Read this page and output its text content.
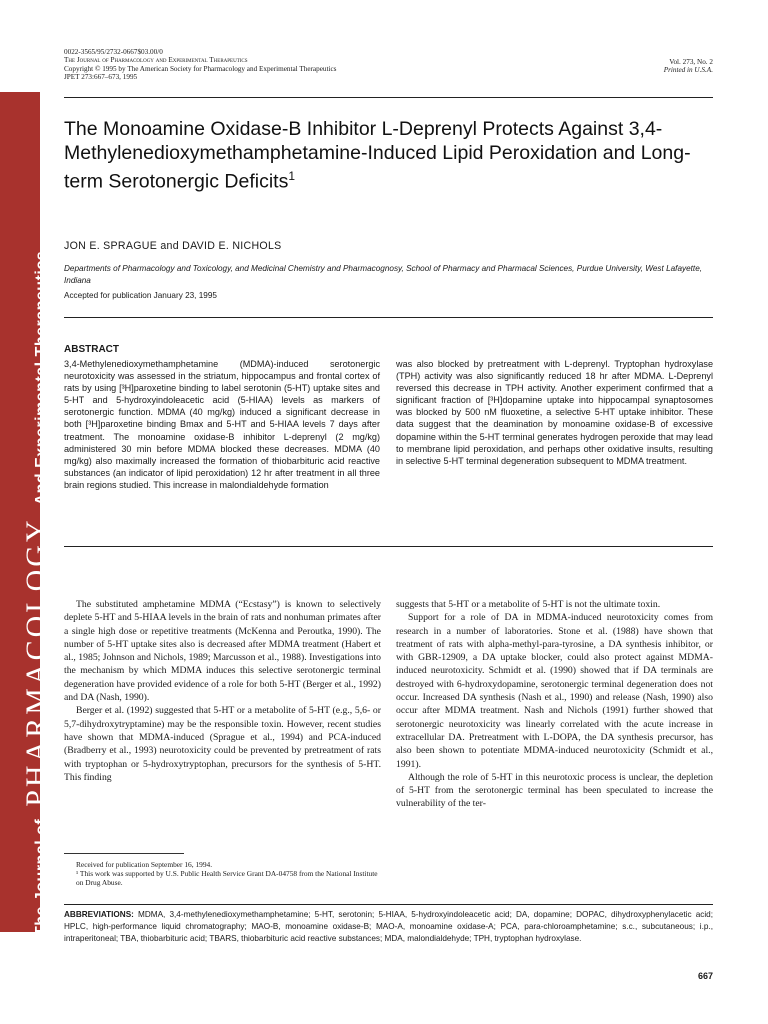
The Journal of PHARMACOLOGY And Experimental Therapeutics
0022-3565/95/2732-0667$03.00/0
The Journal of Pharmacology and Experimental Therapeutics
Copyright © 1995 by The American Society for Pharmacology and Experimental Therapeutics
JPET 273:667–673, 1995
Vol. 273, No. 2
Printed in U.S.A.
The Monoamine Oxidase-B Inhibitor L-Deprenyl Protects Against 3,4-Methylenedioxymethamphetamine-Induced Lipid Peroxidation and Long-term Serotonergic Deficits$^1$
JON E. SPRAGUE and DAVID E. NICHOLS
Departments of Pharmacology and Toxicology, and Medicinal Chemistry and Pharmacognosy, School of Pharmacy and Pharmacal Sciences, Purdue University, West Lafayette, Indiana
Accepted for publication January 23, 1995
ABSTRACT
3,4-Methylenedioxymethamphetamine (MDMA)-induced serotonergic neurotoxicity was assessed in the striatum, hippocampus and frontal cortex of rats by using [³H]paroxetine binding to label serotonin (5-HT) uptake sites and 5-HT and 5-hydroxyindoleacetic acid (5-HIAA) levels as markers of serotonergic function. MDMA (40 mg/kg) induced a significant decrease in both [³H]paroxetine binding Bmax and 5-HT and 5-HIAA levels 7 days after treatment. The monoamine oxidase-B inhibitor L-deprenyl (2 mg/kg) administered 30 min before MDMA blocked these decreases. MDMA (40 mg/kg) also maximally increased the formation of thiobarbituric acid reactive substances (an indicator of lipid peroxidation) 12 hr after treatment in all three brain regions studied. This increase in malondialdehyde formation
was also blocked by pretreatment with L-deprenyl. Tryptophan hydroxylase (TPH) activity was also significantly reduced 18 hr after MDMA. L-Deprenyl reversed this decrease in TPH activity. Another experiment confirmed that a significant fraction of [³H]dopamine uptake into hippocampal synaptosomes was blocked by 500 nM fluoxetine, a selective 5-HT uptake inhibitor. These data suggest that the deamination by monoamine oxidase-B of excessive dopamine within the 5-HT terminal generates hydrogen peroxide that may lead to membrane lipid peroxidation, and perhaps other oxidative insults, resulting in selective 5-HT terminal degeneration subsequent to MDMA treatment.

The substituted amphetamine MDMA (“Ecstasy”) is known to selectively deplete 5-HT and 5-HIAA levels in the brain of rats and nonhuman primates after a single high dose or repetitive treatments (McKenna and Peroutka, 1990). The number of 5-HT uptake sites also is decreased after MDMA treatment (Habert et al., 1985; Johnson and Nichols, 1989; Marcusson et al., 1988). Investigations into the mechanism by which MDMA induces this selective serotonergic terminal degeneration have provided evidence of a role for both 5-HT (Berger et al., 1992) and DA (Nash, 1990).

Berger et al. (1992) suggested that 5-HT or a metabolite of 5-HT (e.g., 5,6- or 5,7-dihydroxytryptamine) may be the responsible toxin. However, recent studies have shown that MDMA-induced (Sprague et al., 1994) and PCA-induced (Bradberry et al., 1993) neurotoxicity could be prevented by pretreatment of rats with tryptophan or 5-hydroxytryptophan, precursors for the synthesis of 5-HT. This finding

suggests that 5-HT or a metabolite of 5-HT is not the ultimate toxin.

Support for a role of DA in MDMA-induced neurotoxicity comes from research in a number of laboratories. Stone et al. (1988) have shown that treatment of rats with alpha-methyl-para-tyrosine, a DA synthesis inhibitor, or with GBR-12909, a DA uptake blocker, could also protect against MDMA-induced neurotoxicity. Schmidt et al. (1990) showed that if DA terminals are destroyed with 6-hydroxydopamine, serotonergic terminal degeneration does not occur. Increased DA synthesis (Nash et al., 1990) and release (Nash, 1990) also occur after MDMA treatment. Nash and Nichols (1991) further showed that serotonergic neurotoxicity was linearly correlated with the acute increase in extracellular DA. Pretreatment with L-DOPA, the DA synthesis precursor, has also been shown to potentiate MDMA-induced neurotoxicity (Schmidt et al., 1991).

Although the role of 5-HT in this neurotoxic process is unclear, the depletion of 5-HT from the serotonergic terminal has been speculated to increase the vulnerability of the ter-

Received for publication September 16, 1994.
¹ This work was supported by U.S. Public Health Service Grant DA-04758 from the National Institute on Drug Abuse.
ABBREVIATIONS: MDMA, 3,4-methylenedioxymethamphetamine; 5-HT, serotonin; 5-HIAA, 5-hydroxyindoleacetic acid; DA, dopamine; DOPAC, dihydroxyphenylacetic acid; HPLC, high-performance liquid chromatography; MAO-B, monoamine oxidase-B; MAO-A, monoamine oxidase-A; PCA, para-chloroamphetamine; s.c., subcutaneous; i.p., intraperitoneal; TBA, thiobarbituric acid; TBARS, thiobarbituric acid reactive substances; MDA, malondialdehyde; TPH, tryptophan hydroxylase.
667
